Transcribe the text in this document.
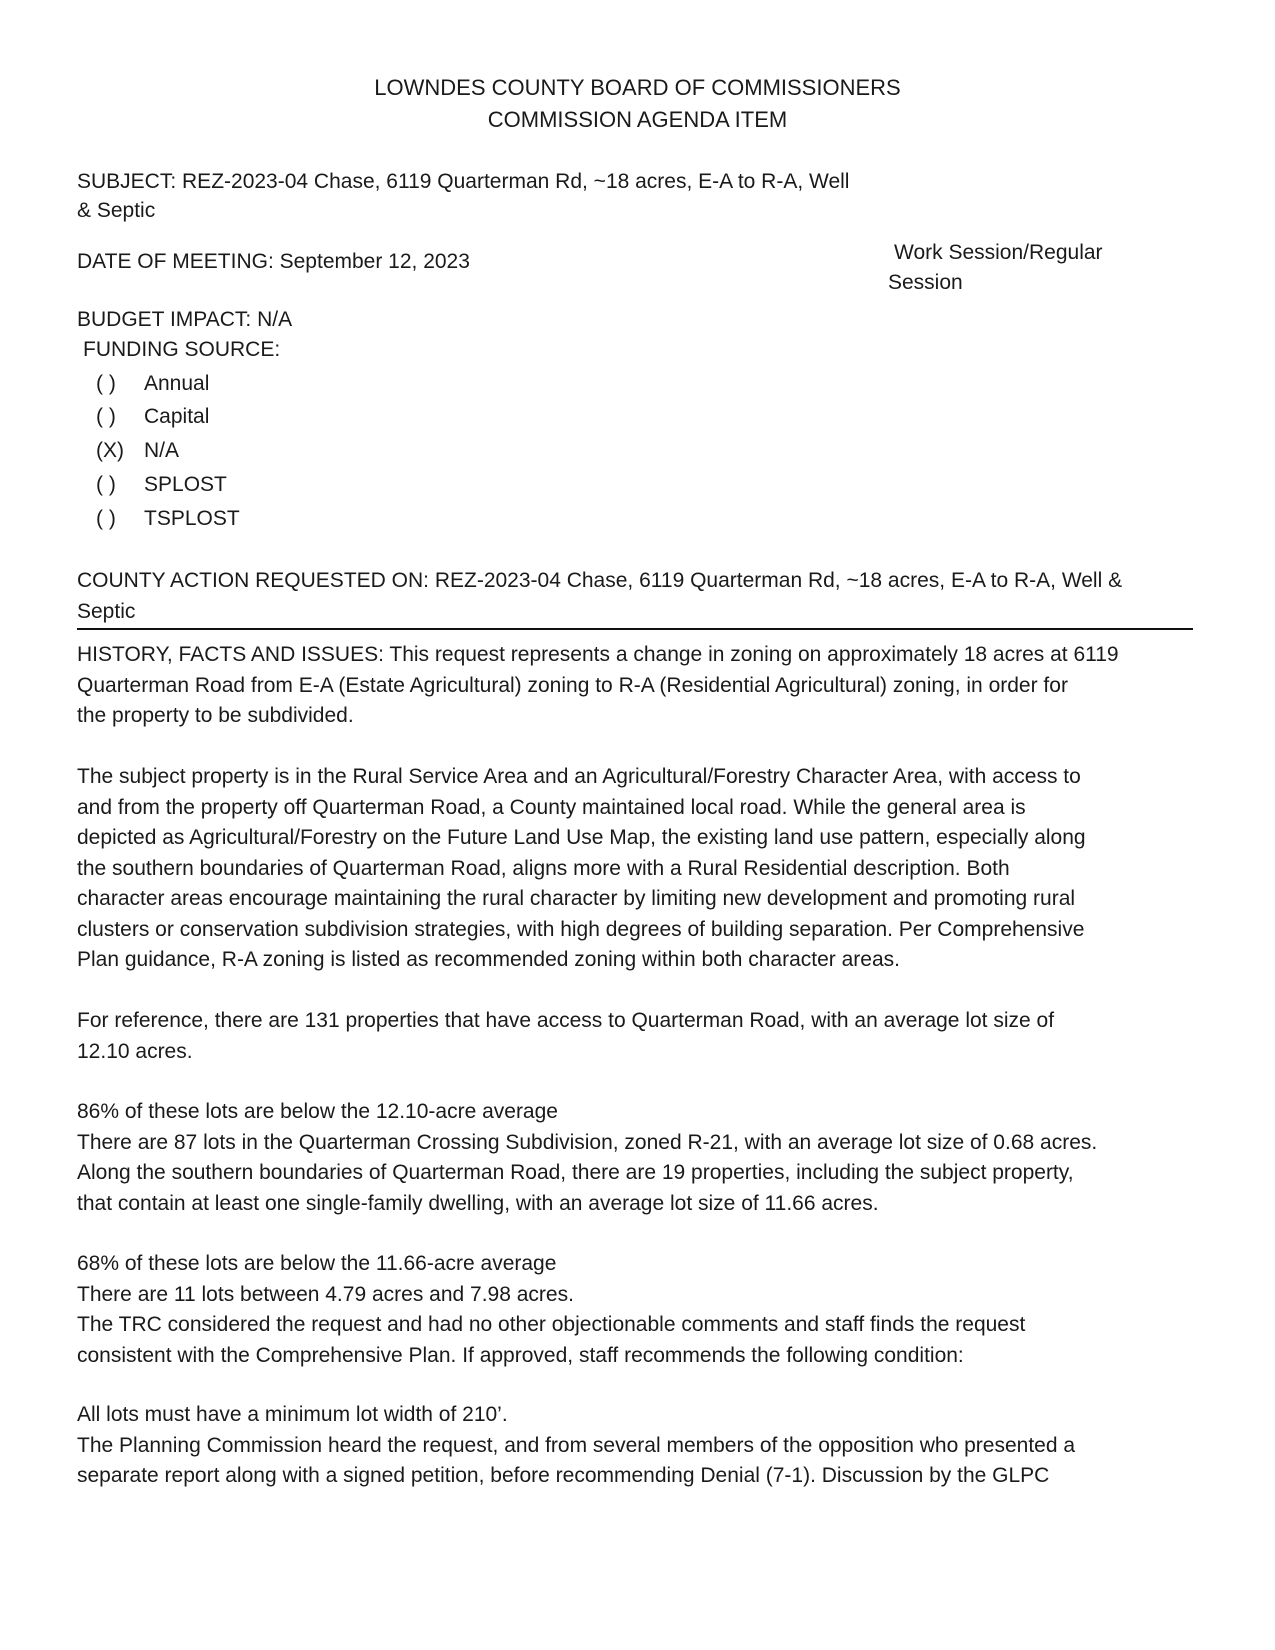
LOWNDES COUNTY BOARD OF COMMISSIONERS
COMMISSION AGENDA ITEM
SUBJECT: REZ-2023-04 Chase, 6119 Quarterman Rd, ~18 acres, E-A to R-A, Well
& Septic
DATE OF MEETING: September 12, 2023	Work Session/Regular
Session
BUDGET IMPACT: N/A
FUNDING SOURCE:
( ) Annual
( ) Capital
(X) N/A
( ) SPLOST
( ) TSPLOST
COUNTY ACTION REQUESTED ON: REZ-2023-04 Chase, 6119 Quarterman Rd, ~18 acres, E-A to R-A, Well &
Septic
HISTORY, FACTS AND ISSUES: This request represents a change in zoning on approximately 18 acres at 6119
Quarterman Road from E-A (Estate Agricultural) zoning to R-A (Residential Agricultural) zoning, in order for
the property to be subdivided.
The subject property is in the Rural Service Area and an Agricultural/Forestry Character Area, with access to
and from the property off Quarterman Road, a County maintained local road. While the general area is
depicted as Agricultural/Forestry on the Future Land Use Map, the existing land use pattern, especially along
the southern boundaries of Quarterman Road, aligns more with a Rural Residential description. Both
character areas encourage maintaining the rural character by limiting new development and promoting rural
clusters or conservation subdivision strategies, with high degrees of building separation. Per Comprehensive
Plan guidance, R-A zoning is listed as recommended zoning within both character areas.
For reference, there are 131 properties that have access to Quarterman Road, with an average lot size of
12.10 acres.
86% of these lots are below the 12.10-acre average
There are 87 lots in the Quarterman Crossing Subdivision, zoned R-21, with an average lot size of 0.68 acres.
Along the southern boundaries of Quarterman Road, there are 19 properties, including the subject property,
that contain at least one single-family dwelling, with an average lot size of 11.66 acres.
68% of these lots are below the 11.66-acre average
There are 11 lots between 4.79 acres and 7.98 acres.
The TRC considered the request and had no other objectionable comments and staff finds the request
consistent with the Comprehensive Plan. If approved, staff recommends the following condition:
All lots must have a minimum lot width of 210’.
The Planning Commission heard the request, and from several members of the opposition who presented a
separate report along with a signed petition, before recommending Denial (7-1). Discussion by the GLPC
